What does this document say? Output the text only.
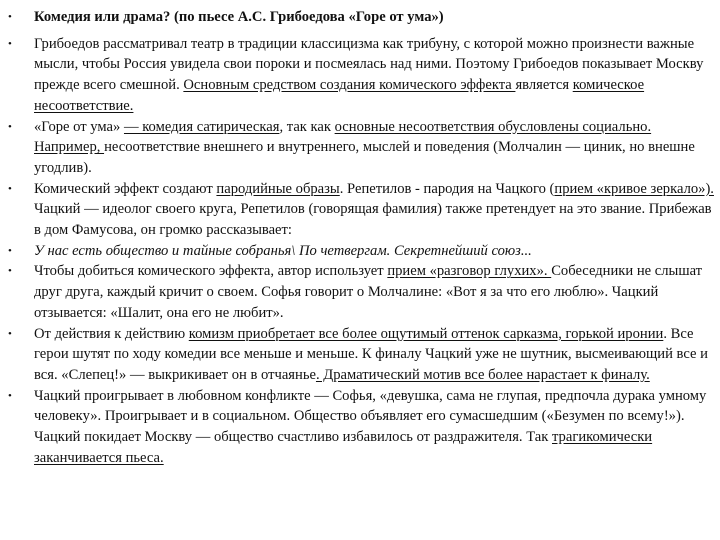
• Комедия или драма? (по пьесе А.С. Грибоедова «Горе от ума»)
• Грибоедов рассматривал театр в традиции классицизма как трибуну, с которой можно произнести важные мысли, чтобы Россия увидела свои пороки и посмеялась над ними. Поэтому Грибоедов показывает Москву прежде всего смешной. Основным средством создания комического эффекта является комическое несоответствие.
• «Горе от ума» — комедия сатирическая, так как основные несоответствия обусловлены социально. Например, несоответствие внешнего и внутреннего, мыслей и поведения (Молчалин — циник, но внешне угодлив).
• Комический эффект создают пародийные образы. Репетилов - пародия на Чацкого (прием «кривое зеркало»). Чацкий — идеолог своего круга, Репетилов (говорящая фамилия) также претендует на это звание. Прибежав в дом Фамусова, он громко рассказывает:
• У нас есть общество и тайные собранья\ По четвергам. Секретнейший союз...
• Чтобы добиться комического эффекта, автор использует прием «разговор глухих». Собеседники не слышат друг друга, каждый кричит о своем. Софья говорит о Молчалине: «Вот я за что его люблю». Чацкий отзывается: «Шалит, она его не любит».
• От действия к действию комизм приобретает все более ощутимый оттенок сарказма, горькой иронии. Все герои шутят по ходу комедии все меньше и меньше. К финалу Чацкий уже не шутник, высмеивающий все и вся. «Слепец!» — выкрикивает он в отчаянье. Драматический мотив все более нарастает к финалу.
• Чацкий проигрывает в любовном конфликте — Софья, «девушка, сама не глупая, предпочла дурака умному человеку». Проигрывает и в социальном. Общество объявляет его сумасшедшим («Безумен по всему!»). Чацкий покидает Москву — общество счастливо избавилось от раздражителя. Так трагикомически заканчивается пьеса.
